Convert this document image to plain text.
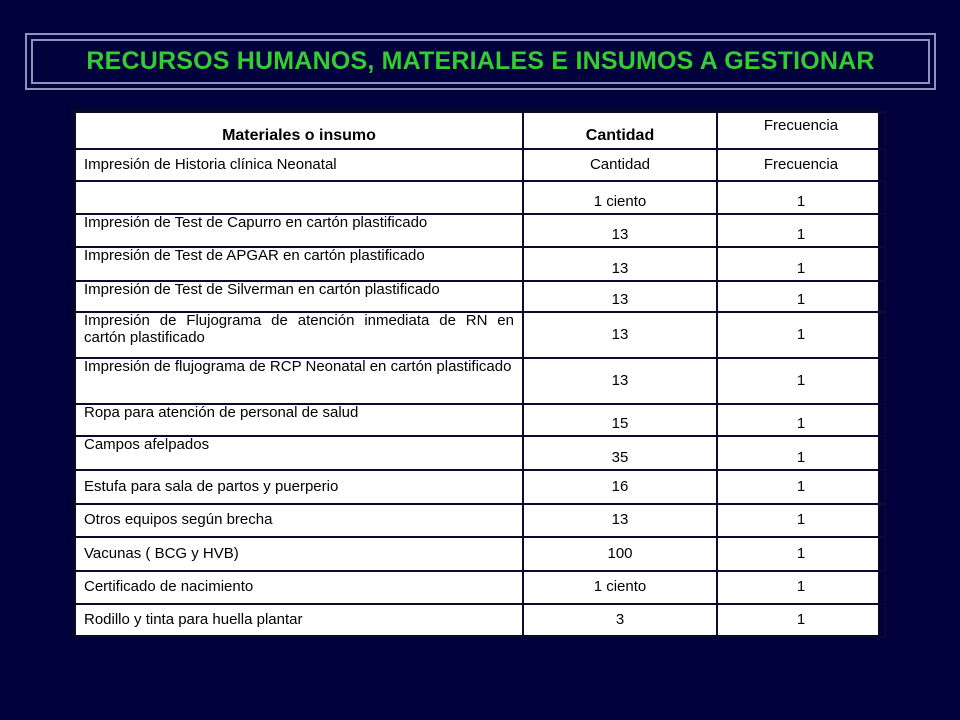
RECURSOS HUMANOS, MATERIALES E INSUMOS A GESTIONAR
Materiales o insumo	Cantidad	Frecuencia
Impresión de Historia clínica Neonatal	Cantidad	Frecuencia
	1 ciento	1
Impresión de Test de Capurro en cartón plastificado	13	1
Impresión de Test de APGAR en cartón plastificado	13	1
Impresión de Test de Silverman en cartón plastificado	13	1
Impresión de Flujograma de atención inmediata de RN en cartón plastificado	13	1
Impresión de flujograma de RCP Neonatal en cartón plastificado	13	1
Ropa para atención de personal de salud	15	1
Campos afelpados	35	1
Estufa para sala de partos y puerperio	16	1
Otros equipos según brecha	13	1
Vacunas ( BCG y HVB)	100	1
Certificado de nacimiento	1 ciento	1
Rodillo y tinta para huella plantar	3	1
